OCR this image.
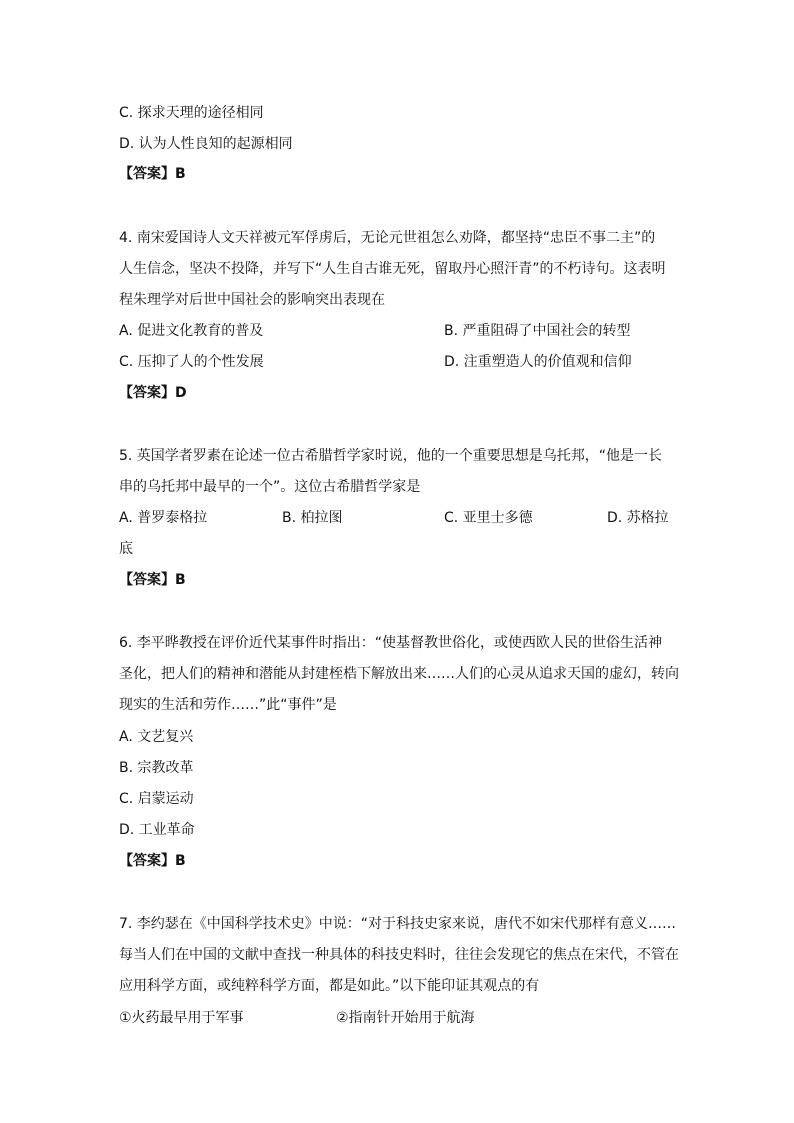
C. 探求天理的途径相同
D. 认为人性良知的起源相同
【答案】B
4. 南宋爱国诗人文天祥被元军俘虏后，无论元世祖怎么劝降，都坚持“忠臣不事二主”的
人生信念，坚决不投降，并写下“人生自古谁无死，留取丹心照汗青”的不朽诗句。这表明
程朱理学对后世中国社会的影响突出表现在
A. 促进文化教育的普及	B. 严重阻碍了中国社会的转型
C. 压抑了人的个性发展	D. 注重塑造人的价值观和信仰
【答案】D
5. 英国学者罗素在论述一位古希腊哲学家时说，他的一个重要思想是乌托邦，“他是一长
串的乌托邦中最早的一个”。这位古希腊哲学家是
A. 普罗泰格拉	B. 柏拉图	C. 亚里士多德	D. 苏格拉
底
【答案】B
6. 李平晔教授在评价近代某事件时指出：“使基督教世俗化，或使西欧人民的世俗生活神
圣化，把人们的精神和潜能从封建桎梏下解放出来……人们的心灵从追求天国的虚幻，转向
现实的生活和劳作……”此“事件”是
A. 文艺复兴
B. 宗教改革
C. 启蒙运动
D. 工业革命
【答案】B
7. 李约瑟在《中国科学技术史》中说：“对于科技史家来说，唐代不如宋代那样有意义……
每当人们在中国的文献中查找一种具体的科技史料时，往往会发现它的焦点在宋代，不管在
应用科学方面，或纯粹科学方面，都是如此。”以下能印证其观点的有
①火药最早用于军事	②指南针开始用于航海
